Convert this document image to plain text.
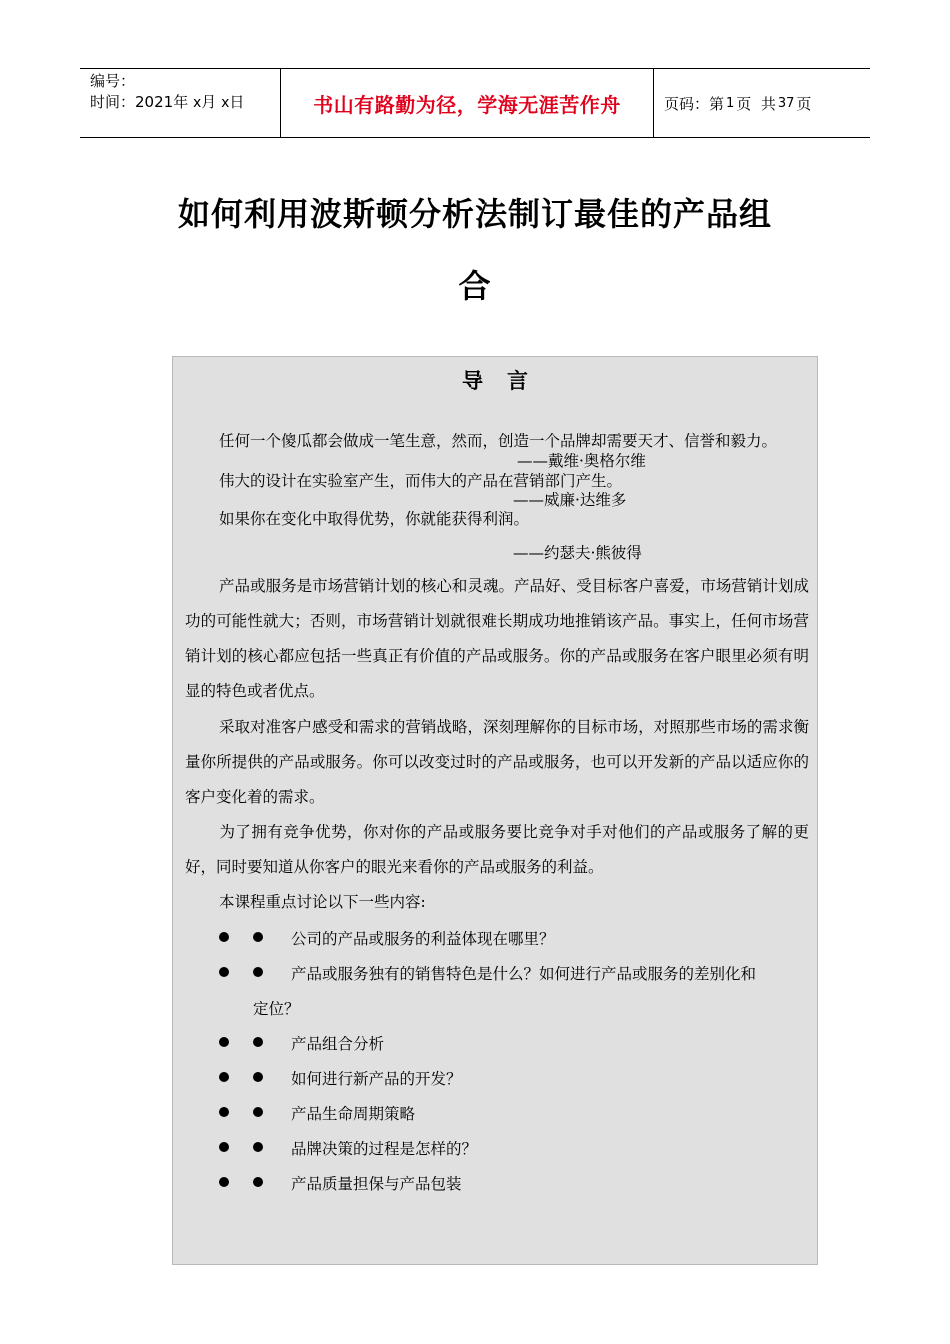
编号：
时间：2021年 x月 x日	书山有路勤为径，学海无涯苦作舟	页码：第 1 页  共 37 页
如何利用波斯顿分析法制订最佳的产品组
合
导言
任何一个傻瓜都会做成一笔生意，然而，创造一个品牌却需要天才、信誉和毅力。
——戴维·奥格尔维
伟大的设计在实验室产生，而伟大的产品在营销部门产生。
——威廉·达维多
如果你在变化中取得优势，你就能获得利润。
——约瑟夫·熊彼得
产品或服务是市场营销计划的核心和灵魂。产品好、受目标客户喜爱，市场营销计划成功的可能性就大；否则，市场营销计划就很难长期成功地推销该产品。事实上，任何市场营销计划的核心都应包括一些真正有价值的产品或服务。你的产品或服务在客户眼里必须有明显的特色或者优点。
采取对准客户感受和需求的营销战略，深刻理解你的目标市场，对照那些市场的需求衡量你所提供的产品或服务。你可以改变过时的产品或服务，也可以开发新的产品以适应你的客户变化着的需求。
为了拥有竞争优势，你对你的产品或服务要比竞争对手对他们的产品或服务了解的更好，同时要知道从你客户的眼光来看你的产品或服务的利益。
本课程重点讨论以下一些内容:
公司的产品或服务的利益体现在哪里？
产品或服务独有的销售特色是什么？如何进行产品或服务的差别化和
定位？
产品组合分析
如何进行新产品的开发？
产品生命周期策略
品牌决策的过程是怎样的？
产品质量担保与产品包装
